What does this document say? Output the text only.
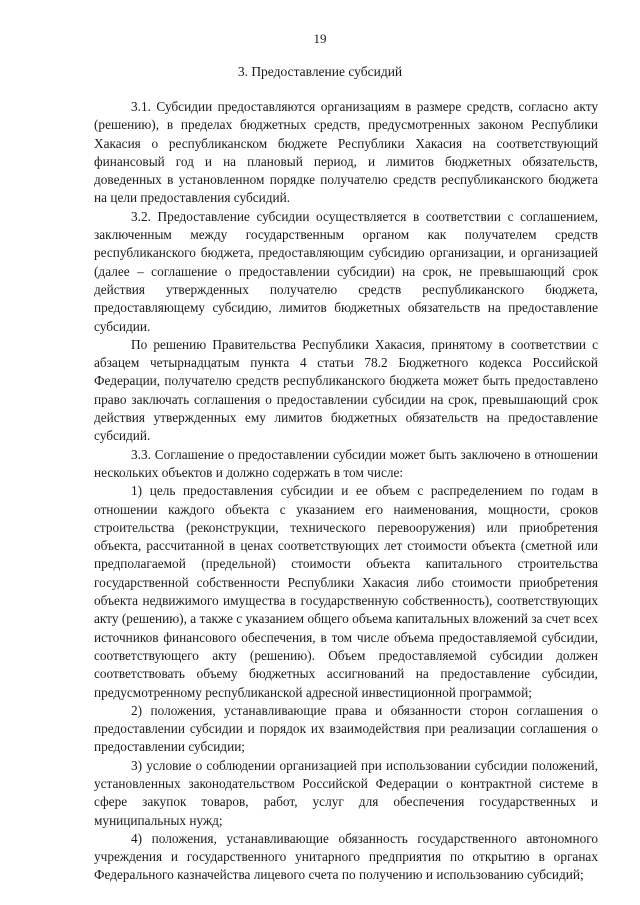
19
3. Предоставление субсидий

3.1. Субсидии предоставляются организациям в размере средств, согласно акту (решению), в пределах бюджетных средств, предусмотренных законом Республики Хакасия о республиканском бюджете Республики Хакасия на соответствующий финансовый год и на плановый период, и лимитов бюджетных обязательств, доведенных в установленном порядке получателю средств республиканского бюджета на цели предоставления субсидий.

3.2. Предоставление субсидии осуществляется в соответствии с соглашением, заключенным между государственным органом как получателем средств республиканского бюджета, предоставляющим субсидию организации, и организацией (далее – соглашение о предоставлении субсидии) на срок, не превышающий срок действия утвержденных получателю средств республиканского бюджета, предоставляющему субсидию, лимитов бюджетных обязательств на предоставление субсидии.

По решению Правительства Республики Хакасия, принятому в соответствии с абзацем четырнадцатым пункта 4 статьи 78.2 Бюджетного кодекса Российской Федерации, получателю средств республиканского бюджета может быть предоставлено право заключать соглашения о предоставлении субсидии на срок, превышающий срок действия утвержденных ему лимитов бюджетных обязательств на предоставление субсидий.

3.3. Соглашение о предоставлении субсидии может быть заключено в отношении нескольких объектов и должно содержать в том числе:

1) цель предоставления субсидии и ее объем с распределением по годам в отношении каждого объекта с указанием его наименования, мощности, сроков строительства (реконструкции, технического перевооружения) или приобретения объекта, рассчитанной в ценах соответствующих лет стоимости объекта (сметной или предполагаемой (предельной) стоимости объекта капитального строительства государственной собственности Республики Хакасия либо стоимости приобретения объекта недвижимого имущества в государственную собственность), соответствующих акту (решению), а также с указанием общего объема капитальных вложений за счет всех источников финансового обеспечения, в том числе объема предоставляемой субсидии, соответствующего акту (решению). Объем предоставляемой субсидии должен соответствовать объему бюджетных ассигнований на предоставление субсидии, предусмотренному республиканской адресной инвестиционной программой;

2) положения, устанавливающие права и обязанности сторон соглашения о предоставлении субсидии и порядок их взаимодействия при реализации соглашения о предоставлении субсидии;

3) условие о соблюдении организацией при использовании субсидии положений, установленных законодательством Российской Федерации о контрактной системе в сфере закупок товаров, работ, услуг для обеспечения государственных и муниципальных нужд;

4) положения, устанавливающие обязанность государственного автономного учреждения и государственного унитарного предприятия по открытию в органах Федерального казначейства лицевого счета по получению и использованию субсидий;
